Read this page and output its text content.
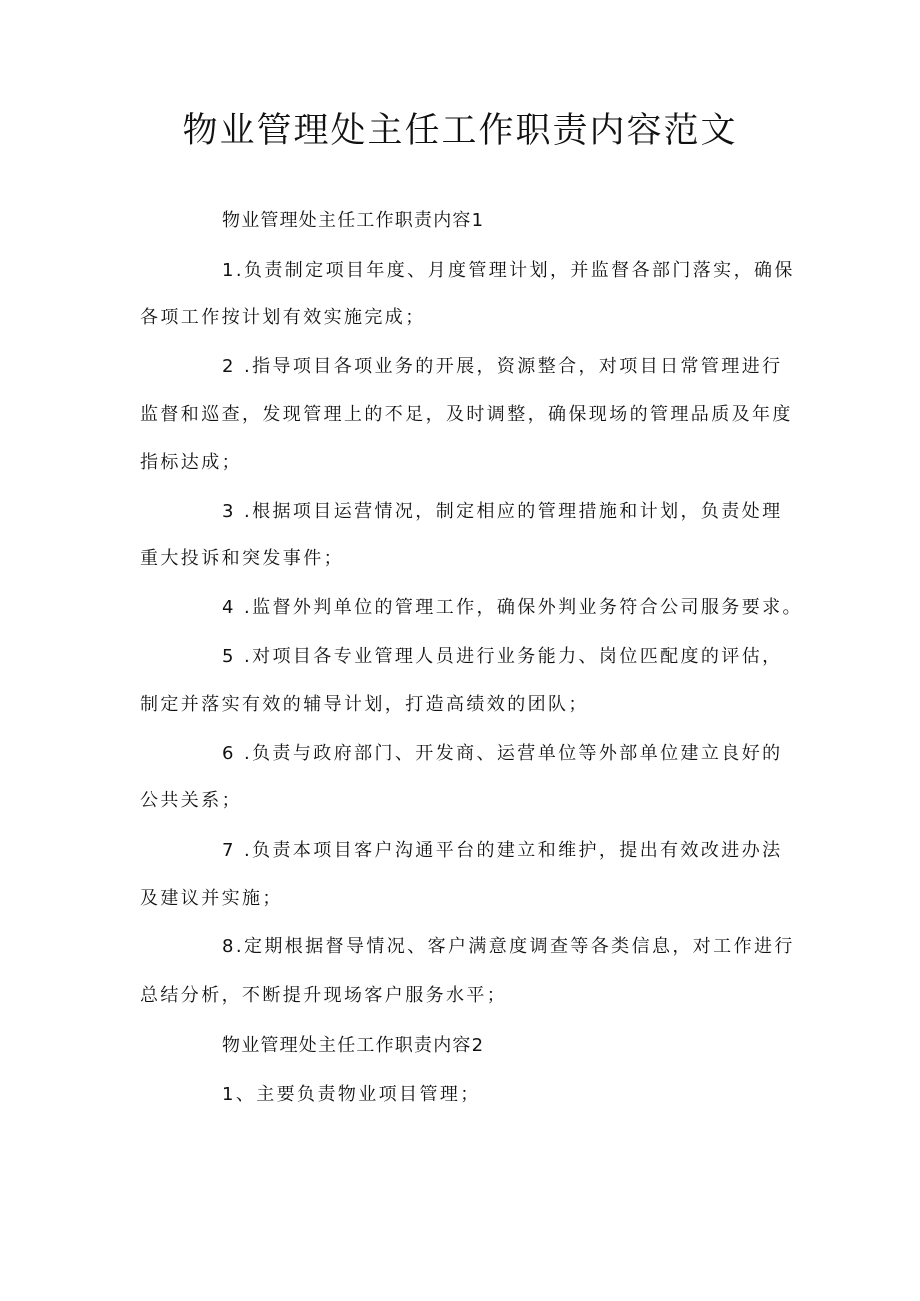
物业管理处主任工作职责内容范文

物业管理处主任工作职责内容1

1.负责制定项目年度、月度管理计划，并监督各部门落实，确保

各项工作按计划有效实施完成；

2 .指导项目各项业务的开展，资源整合，对项目日常管理进行

监督和巡查，发现管理上的不足，及时调整，确保现场的管理品质及年度

指标达成；

3 .根据项目运营情况，制定相应的管理措施和计划，负责处理

重大投诉和突发事件；

4 .监督外判单位的管理工作，确保外判业务符合公司服务要求。

5 .对项目各专业管理人员进行业务能力、岗位匹配度的评估，

制定并落实有效的辅导计划，打造高绩效的团队；

6 .负责与政府部门、开发商、运营单位等外部单位建立良好的

公共关系；

7 .负责本项目客户沟通平台的建立和维护，提出有效改进办法

及建议并实施；

8.定期根据督导情况、客户满意度调查等各类信息，对工作进行

总结分析，不断提升现场客户服务水平；

物业管理处主任工作职责内容2

1、主要负责物业项目管理；
